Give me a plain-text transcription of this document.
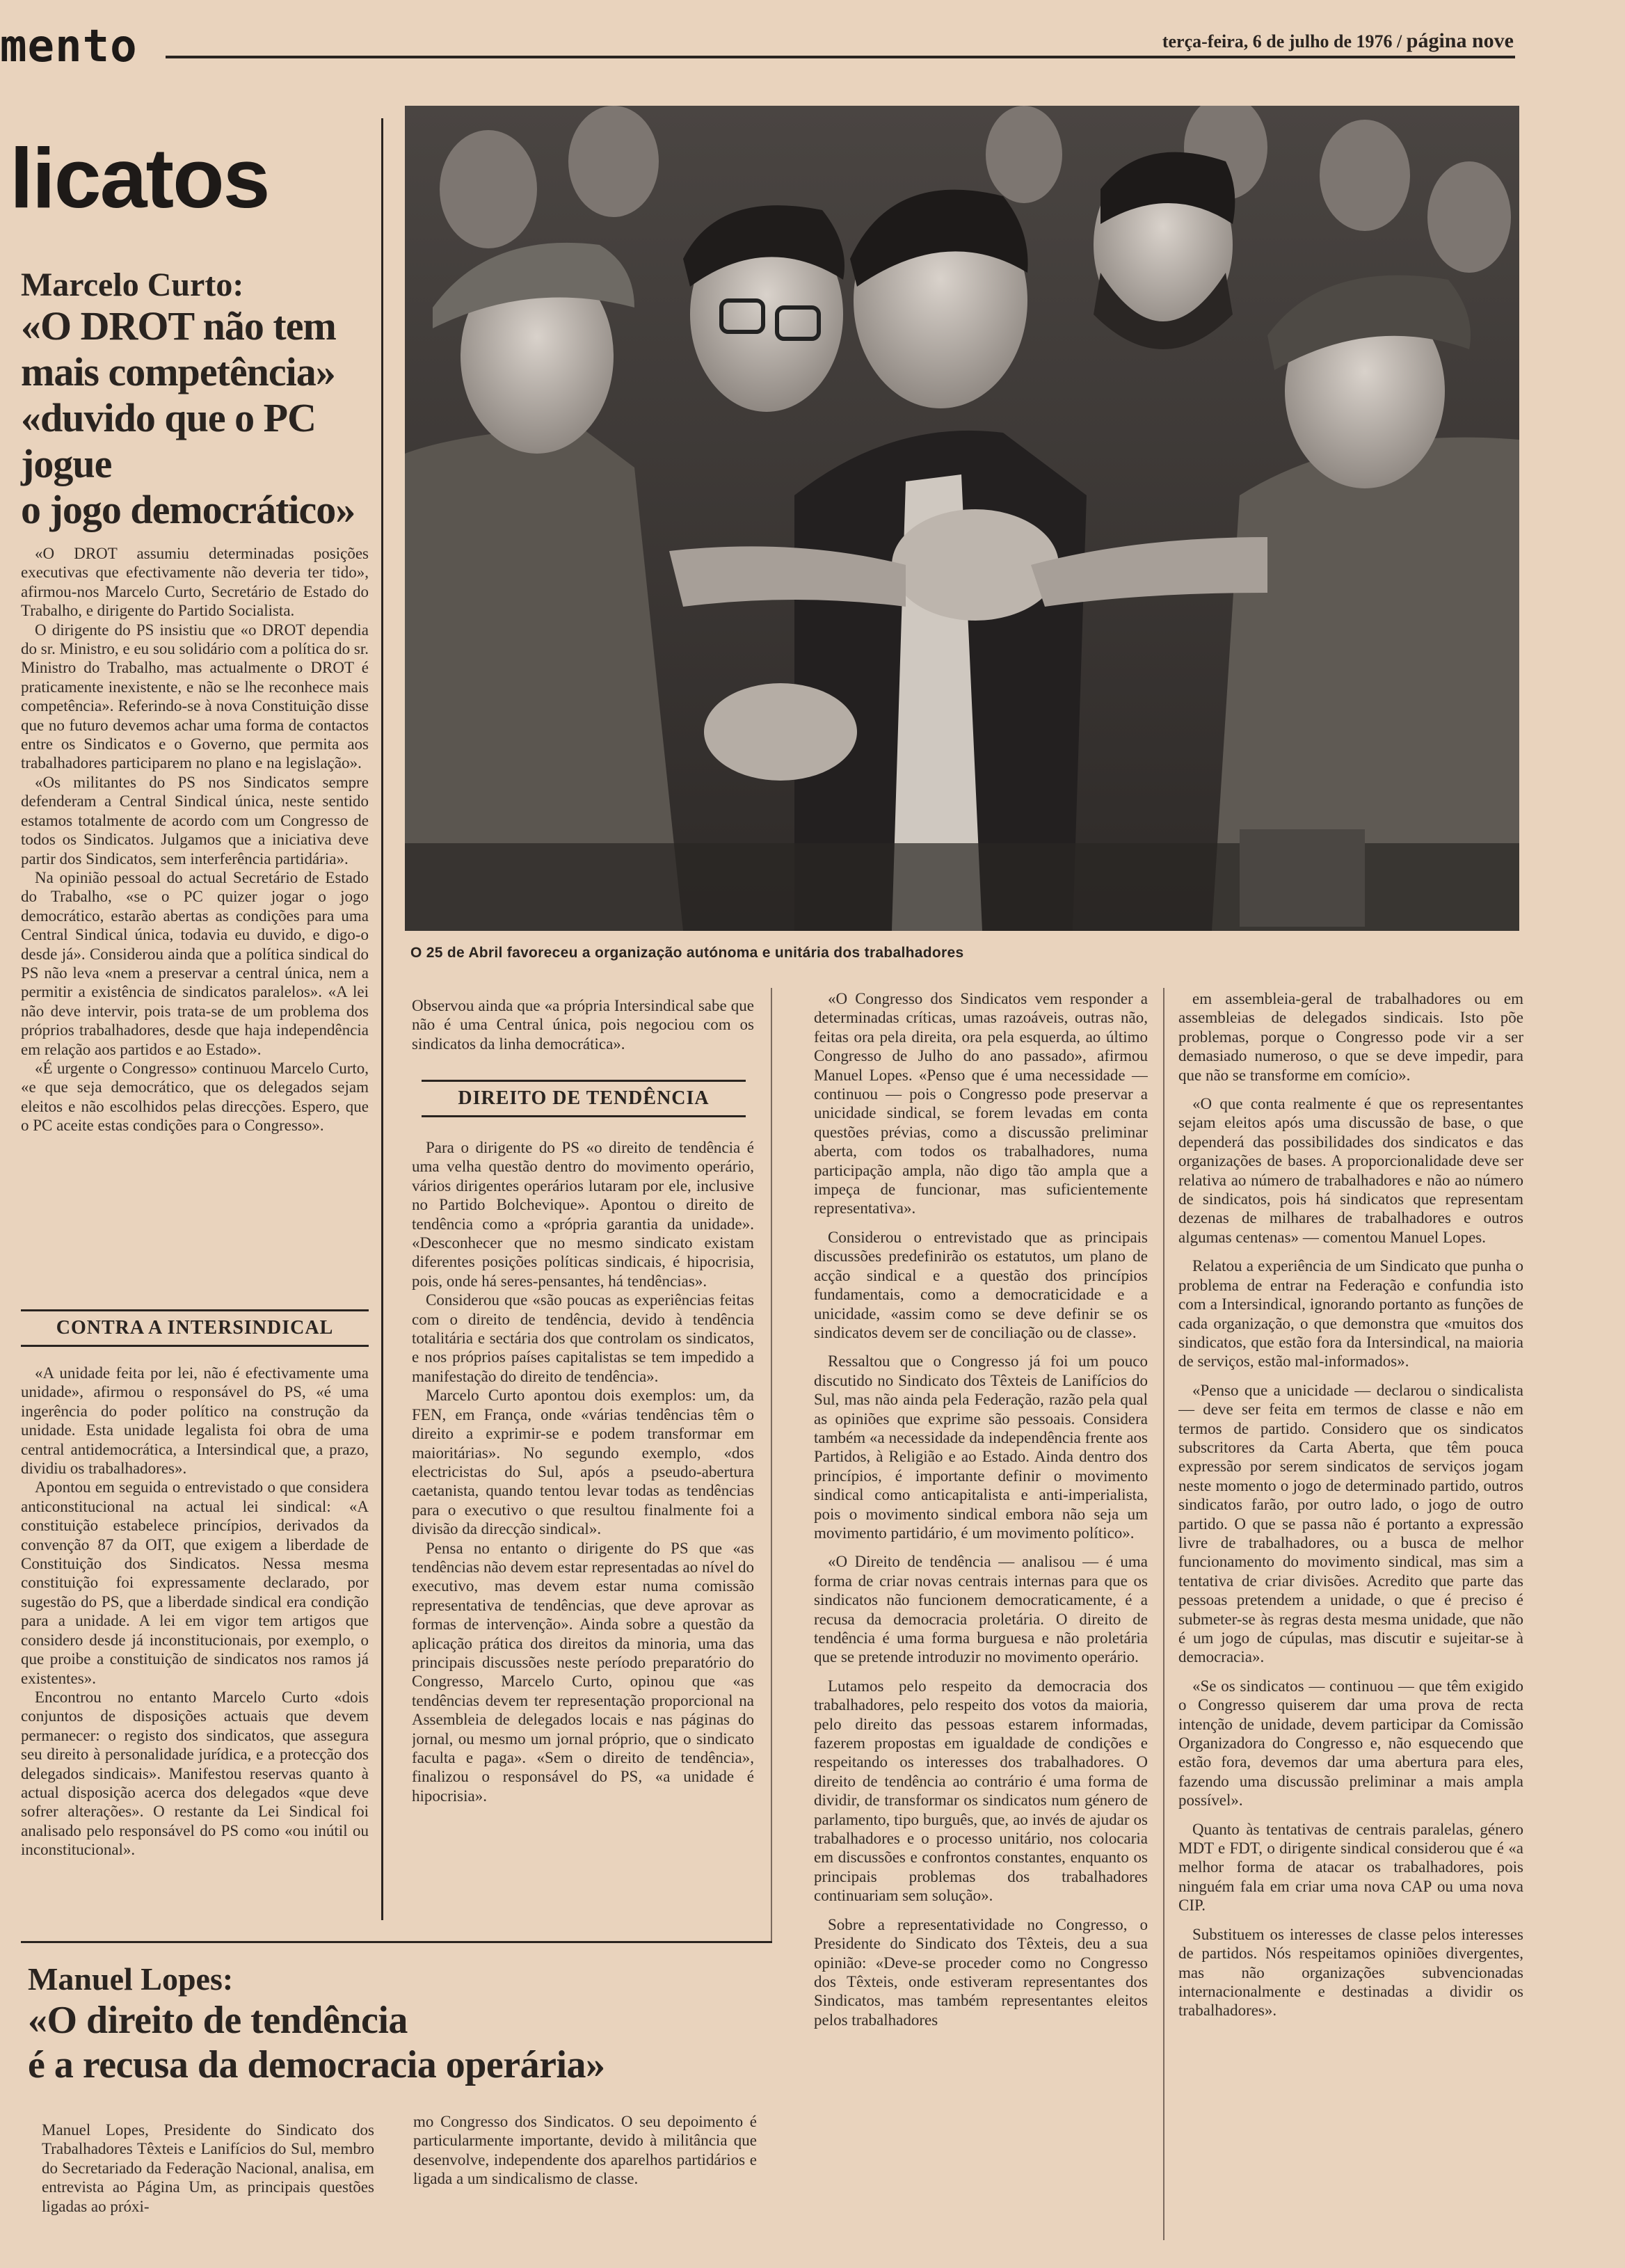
mento	terça-feira, 6 de julho de 1976 / página nove
licatos
Marcelo Curto:
«O DROT não tem
mais competência»
«duvido que o PC
jogue
o jogo democrático»

«O DROT assumiu determinadas posições executivas que efectivamente não deveria ter tido», afirmou-nos Marcelo Curto, Secretário de Estado do Trabalho, e dirigente do Partido Socialista.

O dirigente do PS insistiu que «o DROT dependia do sr. Ministro, e eu sou solidário com a política do sr. Ministro do Trabalho, mas actualmente o DROT é praticamente inexistente, e não se lhe reconhece mais competência». Referindo-se à nova Constituição disse que no futuro devemos achar uma forma de contactos entre os Sindicatos e o Governo, que permita aos trabalhadores participarem no plano e na legislação».

«Os militantes do PS nos Sindicatos sempre defenderam a Central Sindical única, neste sentido estamos totalmente de acordo com um Congresso de todos os Sindicatos. Julgamos que a iniciativa deve partir dos Sindicatos, sem interferência partidária».

Na opinião pessoal do actual Secretário de Estado do Trabalho, «se o PC quizer jogar o jogo democrático, estarão abertas as condições para uma Central Sindical única, todavia eu duvido, e digo-o desde já». Considerou ainda que a política sindical do PS não leva «nem a preservar a central única, nem a permitir a existência de sindicatos paralelos». «A lei não deve intervir, pois trata-se de um problema dos próprios trabalhadores, desde que haja independência em relação aos partidos e ao Estado».

«É urgente o Congresso» continuou Marcelo Curto, «e que seja democrático, que os delegados sejam eleitos e não escolhidos pelas direcções. Espero, que o PC aceite estas condições para o Congresso».

CONTRA A INTERSINDICAL

«A unidade feita por lei, não é efectivamente uma unidade», afirmou o responsável do PS, «é uma ingerência do poder político na construção da unidade. Esta unidade legalista foi obra de uma central antidemocrática, a Intersindical que, a prazo, dividiu os trabalhadores».

Apontou em seguida o entrevistado o que considera anticonstitucional na actual lei sindical: «A constituição estabelece princípios, derivados da convenção 87 da OIT, que exigem a liberdade de Constituição dos Sindicatos. Nessa mesma constituição foi expressamente declarado, por sugestão do PS, que a liberdade sindical era condição para a unidade. A lei em vigor tem artigos que considero desde já inconstitucionais, por exemplo, o que proibe a constituição de sindicatos nos ramos já existentes».

Encontrou no entanto Marcelo Curto «dois conjuntos de disposições actuais que devem permanecer: o registo dos sindicatos, que assegura seu direito à personalidade jurídica, e a protecção dos delegados sindicais». Manifestou reservas quanto à actual disposição acerca dos delegados «que deve sofrer alterações». O restante da Lei Sindical foi analisado pelo responsável do PS como «ou inútil ou inconstitucional».

O 25 de Abril favoreceu a organização autónoma e unitária dos trabalhadores
Observou ainda que «a própria Intersindical sabe que não é uma Central única, pois negociou com os sindicatos da linha democrática».
DIREITO DE TENDÊNCIA

Para o dirigente do PS «o direito de tendência é uma velha questão dentro do movimento operário, vários dirigentes operários lutaram por ele, inclusive no Partido Bolchevique». Apontou o direito de tendência como a «própria garantia da unidade». «Desconhecer que no mesmo sindicato existam diferentes posições políticas sindicais, é hipocrisia, pois, onde há seres-pensantes, há tendências».

Considerou que «são poucas as experiências feitas com o direito de tendência, devido à tendência totalitária e sectária dos que controlam os sindicatos, e nos próprios países capitalistas se tem impedido a manifestação do direito de tendência».

Marcelo Curto apontou dois exemplos: um, da FEN, em França, onde «várias tendências têm o direito a exprimir-se e podem transformar em maioritárias». No segundo exemplo, «dos electricistas do Sul, após a pseudo-abertura caetanista, quando tentou levar todas as tendências para o executivo o que resultou finalmente foi a divisão da direcção sindical».

Pensa no entanto o dirigente do PS que «as tendências não devem estar representadas ao nível do executivo, mas devem estar numa comissão representativa de tendências, que deve aprovar as formas de intervenção». Ainda sobre a questão da aplicação prática dos direitos da minoria, uma das principais discussões neste período preparatório do Congresso, Marcelo Curto, opinou que «as tendências devem ter representação proporcional na Assembleia de delegados locais e nas páginas do jornal, ou mesmo um jornal próprio, que o sindicato faculta e paga». «Sem o direito de tendência», finalizou o responsável do PS, «a unidade é hipocrisia».

«O Congresso dos Sindicatos vem responder a determinadas críticas, umas razoáveis, outras não, feitas ora pela direita, ora pela esquerda, ao último Congresso de Julho do ano passado», afirmou Manuel Lopes. «Penso que é uma necessidade — continuou — pois o Congresso pode preservar a unicidade sindical, se forem levadas em conta questões prévias, como a discussão preliminar aberta, com todos os trabalhadores, numa participação ampla, não digo tão ampla que a impeça de funcionar, mas suficientemente representativa».

Considerou o entrevistado que as principais discussões predefinirão os estatutos, um plano de acção sindical e a questão dos princípios fundamentais, como a democraticidade e a unicidade, «assim como se deve definir se os sindicatos devem ser de conciliação ou de classe».

Ressaltou que o Congresso já foi um pouco discutido no Sindicato dos Têxteis de Lanifícios do Sul, mas não ainda pela Federação, razão pela qual as opiniões que exprime são pessoais. Considera também «a necessidade da independência frente aos Partidos, à Religião e ao Estado. Ainda dentro dos princípios, é importante definir o movimento sindical como anticapitalista e anti-imperialista, pois o movimento sindical embora não seja um movimento partidário, é um movimento político».

«O Direito de tendência — analisou — é uma forma de criar novas centrais internas para que os sindicatos não funcionem democraticamente, é a recusa da democracia proletária. O direito de tendência é uma forma burguesa e não proletária que se pretende introduzir no movimento operário.

Lutamos pelo respeito da democracia dos trabalhadores, pelo respeito dos votos da maioria, pelo direito das pessoas estarem informadas, fazerem propostas em igualdade de condições e respeitando os interesses dos trabalhadores. O direito de tendência ao contrário é uma forma de dividir, de transformar os sindicatos num género de parlamento, tipo burguês, que, ao invés de ajudar os trabalhadores e o processo unitário, nos colocaria em discussões e confrontos constantes, enquanto os principais problemas dos trabalhadores continuariam sem solução».

Sobre a representatividade no Congresso, o Presidente do Sindicato dos Têxteis, deu a sua opinião: «Deve-se proceder como no Congresso dos Têxteis, onde estiveram representantes dos Sindicatos, mas também representantes eleitos pelos trabalhadores

em assembleia-geral de trabalhadores ou em assembleias de delegados sindicais. Isto põe problemas, porque o Congresso pode vir a ser demasiado numeroso, o que se deve impedir, para que não se transforme em comício».

«O que conta realmente é que os representantes sejam eleitos após uma discussão de base, o que dependerá das possibilidades dos sindicatos e das organizações de bases. A proporcionalidade deve ser relativa ao número de trabalhadores e não ao número de sindicatos, pois há sindicatos que representam dezenas de milhares de trabalhadores e outros algumas centenas» — comentou Manuel Lopes.

Relatou a experiência de um Sindicato que punha o problema de entrar na Federação e confundia isto com a Intersindical, ignorando portanto as funções de cada organização, o que demonstra que «muitos dos sindicatos, que estão fora da Intersindical, na maioria de serviços, estão mal-informados».

«Penso que a unicidade — declarou o sindicalista — deve ser feita em termos de classe e não em termos de partido. Considero que os sindicatos subscritores da Carta Aberta, que têm pouca expressão por serem sindicatos de serviços jogam neste momento o jogo de determinado partido, outros sindicatos farão, por outro lado, o jogo de outro partido. O que se passa não é portanto a expressão livre de trabalhadores, ou a busca de melhor funcionamento do movimento sindical, mas sim a tentativa de criar divisões. Acredito que parte das pessoas pretendem a unidade, o que é preciso é submeter-se às regras desta mesma unidade, que não é um jogo de cúpulas, mas discutir e sujeitar-se à democracia».

«Se os sindicatos — continuou — que têm exigido o Congresso quiserem dar uma prova de recta intenção de unidade, devem participar da Comissão Organizadora do Congresso e, não esquecendo que estão fora, devemos dar uma abertura para eles, fazendo uma discussão preliminar a mais ampla possível».

Quanto às tentativas de centrais paralelas, género MDT e FDT, o dirigente sindical considerou que é «a melhor forma de atacar os trabalhadores, pois ninguém fala em criar uma nova CAP ou uma nova CIP.

Substituem os interesses de classe pelos interesses de partidos. Nós respeitamos opiniões divergentes, mas não organizações subvencionadas internacionalmente e destinadas a dividir os trabalhadores».

Manuel Lopes:
«O direito de tendência
é a recusa da democracia operária»
Manuel Lopes, Presidente do Sindicato dos Trabalhadores Têxteis e Lanifícios do Sul, membro do Secretariado da Federação Nacional, analisa, em entrevista ao Página Um, as principais questões ligadas ao próxi-
mo Congresso dos Sindicatos. O seu depoimento é particularmente importante, devido à militância que desenvolve, independente dos aparelhos partidários e ligada a um sindicalismo de classe.
